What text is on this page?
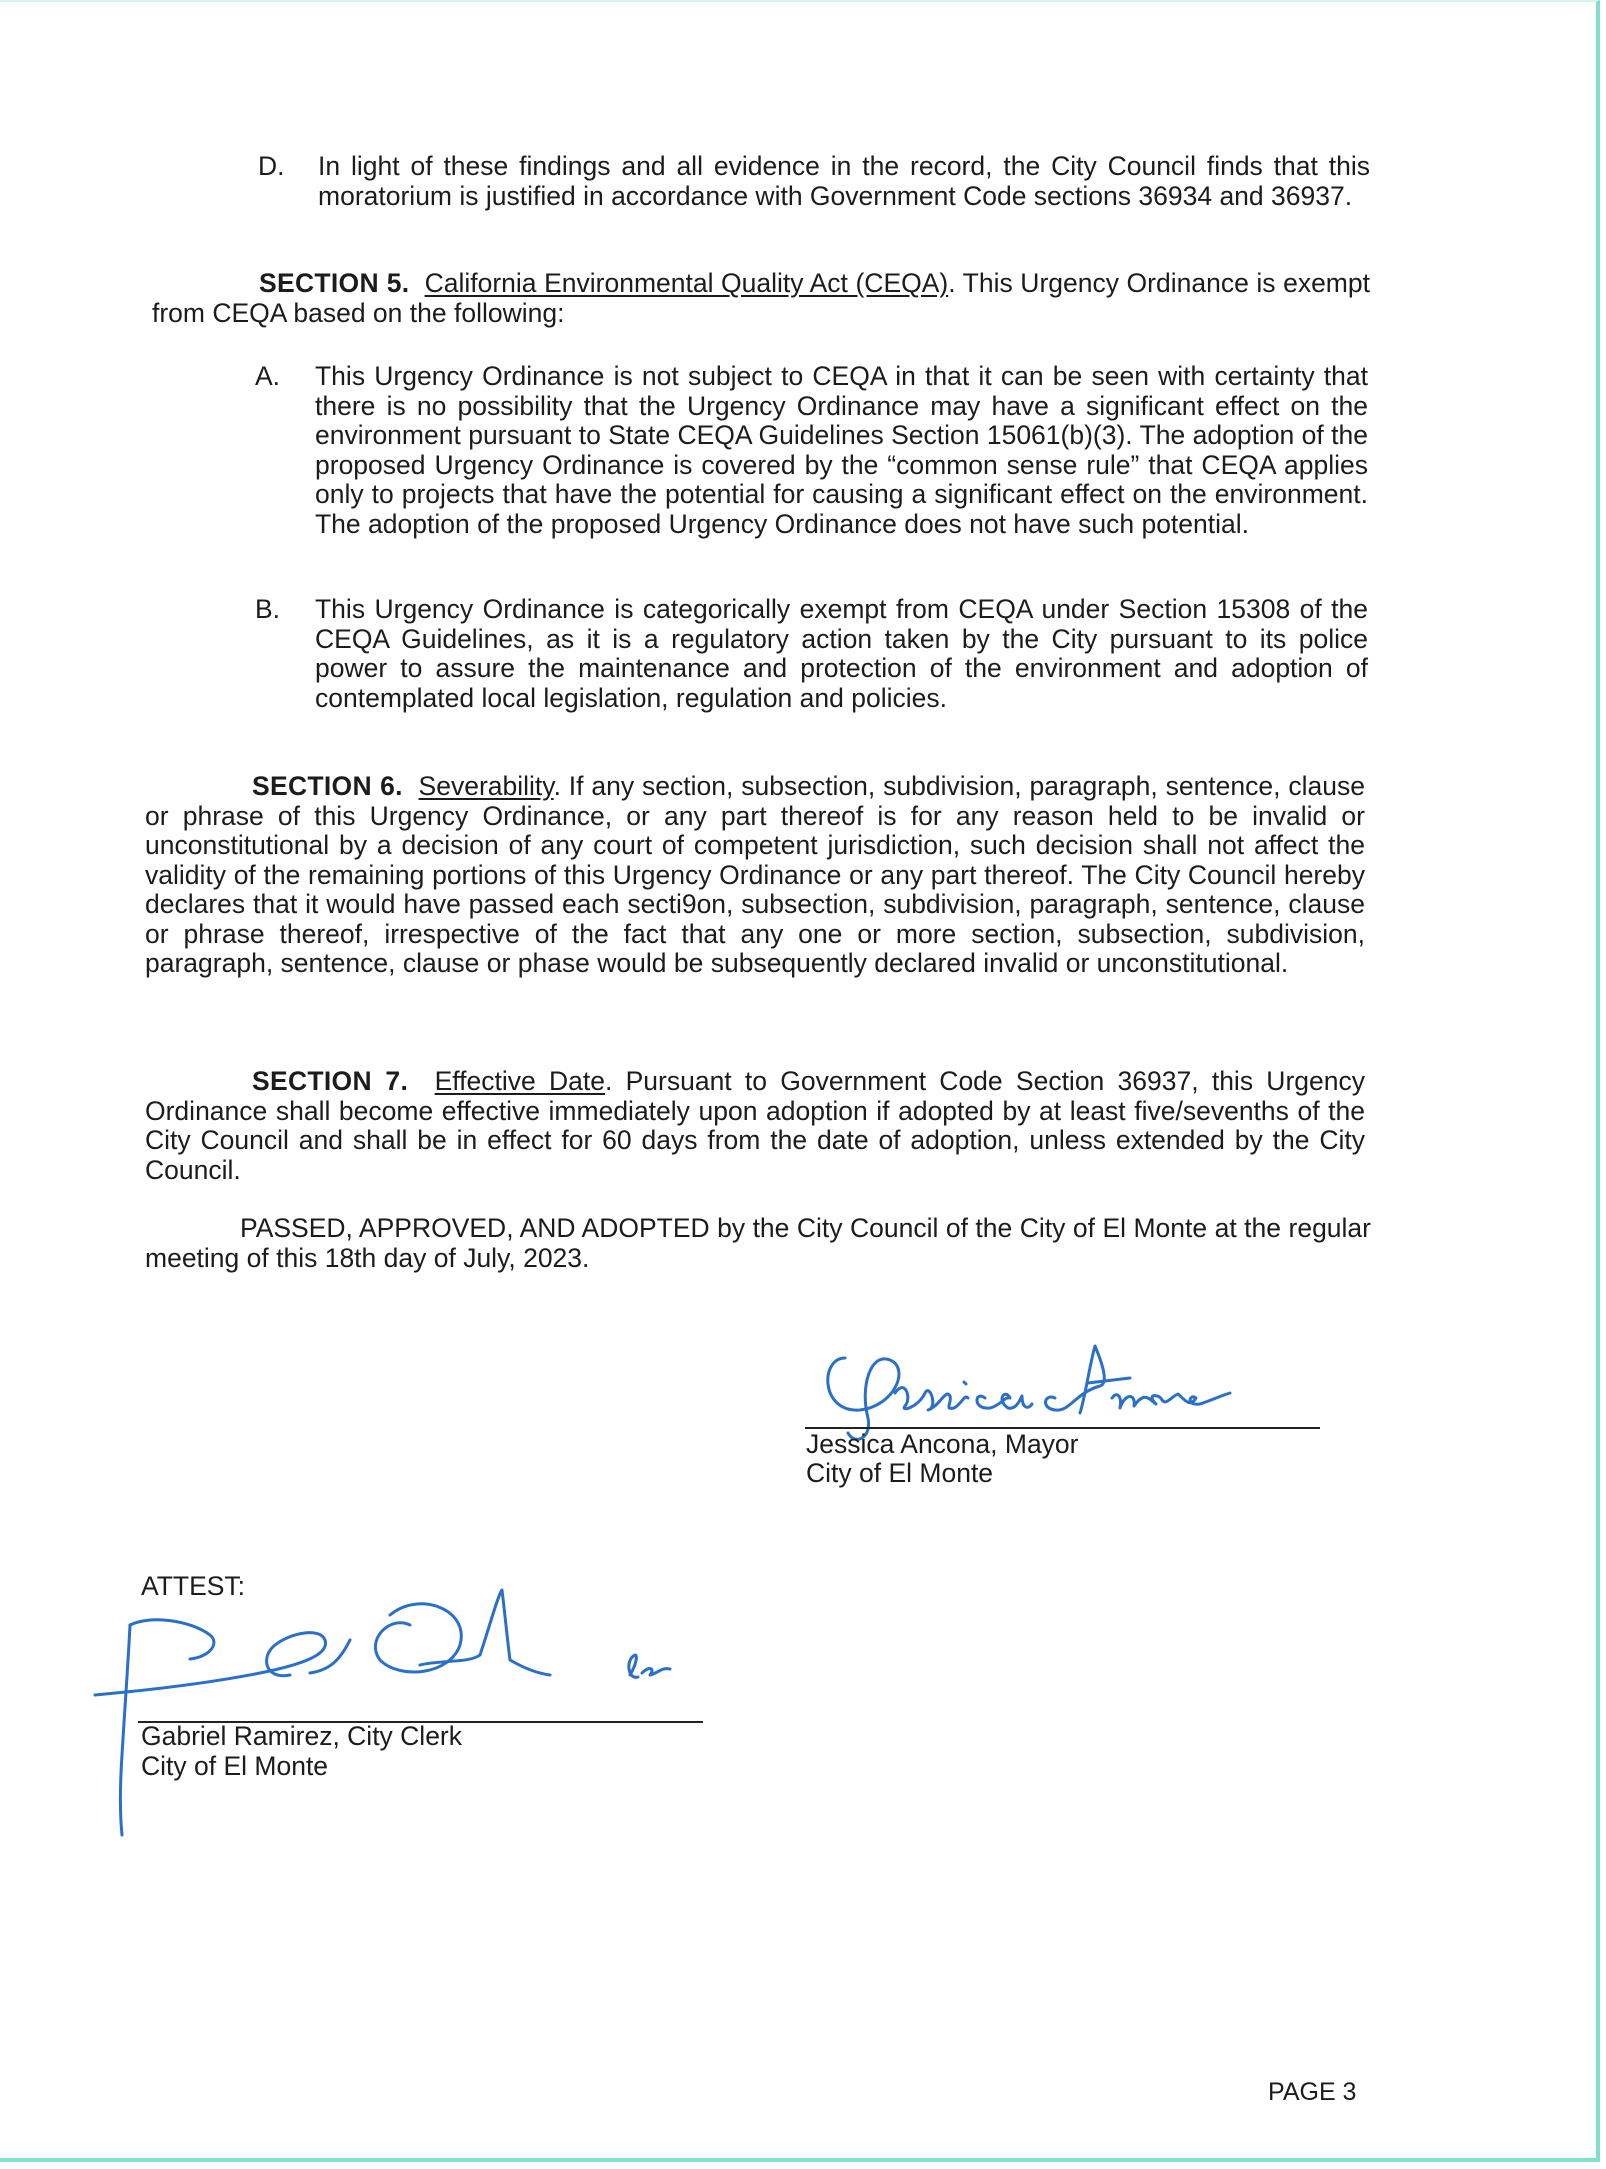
D. In light of these findings and all evidence in the record, the City Council finds that this moratorium is justified in accordance with Government Code sections 36934 and 36937.

SECTION 5. California Environmental Quality Act (CEQA). This Urgency Ordinance is exempt from CEQA based on the following:

A. This Urgency Ordinance is not subject to CEQA in that it can be seen with certainty that there is no possibility that the Urgency Ordinance may have a significant effect on the environment pursuant to State CEQA Guidelines Section 15061(b)(3). The adoption of the proposed Urgency Ordinance is covered by the “common sense rule” that CEQA applies only to projects that have the potential for causing a significant effect on the environment. The adoption of the proposed Urgency Ordinance does not have such potential.

B. This Urgency Ordinance is categorically exempt from CEQA under Section 15308 of the CEQA Guidelines, as it is a regulatory action taken by the City pursuant to its police power to assure the maintenance and protection of the environment and adoption of contemplated local legislation, regulation and policies.

SECTION 6. Severability. If any section, subsection, subdivision, paragraph, sentence, clause or phrase of this Urgency Ordinance, or any part thereof is for any reason held to be invalid or unconstitutional by a decision of any court of competent jurisdiction, such decision shall not affect the validity of the remaining portions of this Urgency Ordinance or any part thereof. The City Council hereby declares that it would have passed each secti9on, subsection, subdivision, paragraph, sentence, clause or phrase thereof, irrespective of the fact that any one or more section, subsection, subdivision, paragraph, sentence, clause or phase would be subsequently declared invalid or unconstitutional.

SECTION 7. Effective Date. Pursuant to Government Code Section 36937, this Urgency Ordinance shall become effective immediately upon adoption if adopted by at least five/sevenths of the City Council and shall be in effect for 60 days from the date of adoption, unless extended by the City Council.

PASSED, APPROVED, AND ADOPTED by the City Council of the City of El Monte at the regular meeting of this 18th day of July, 2023.

Jessica Ancona

Jessica Ancona, Mayor

City of El Monte

ATTEST:

for

Gabriel Ramirez, City Clerk

City of El Monte

PAGE 3
